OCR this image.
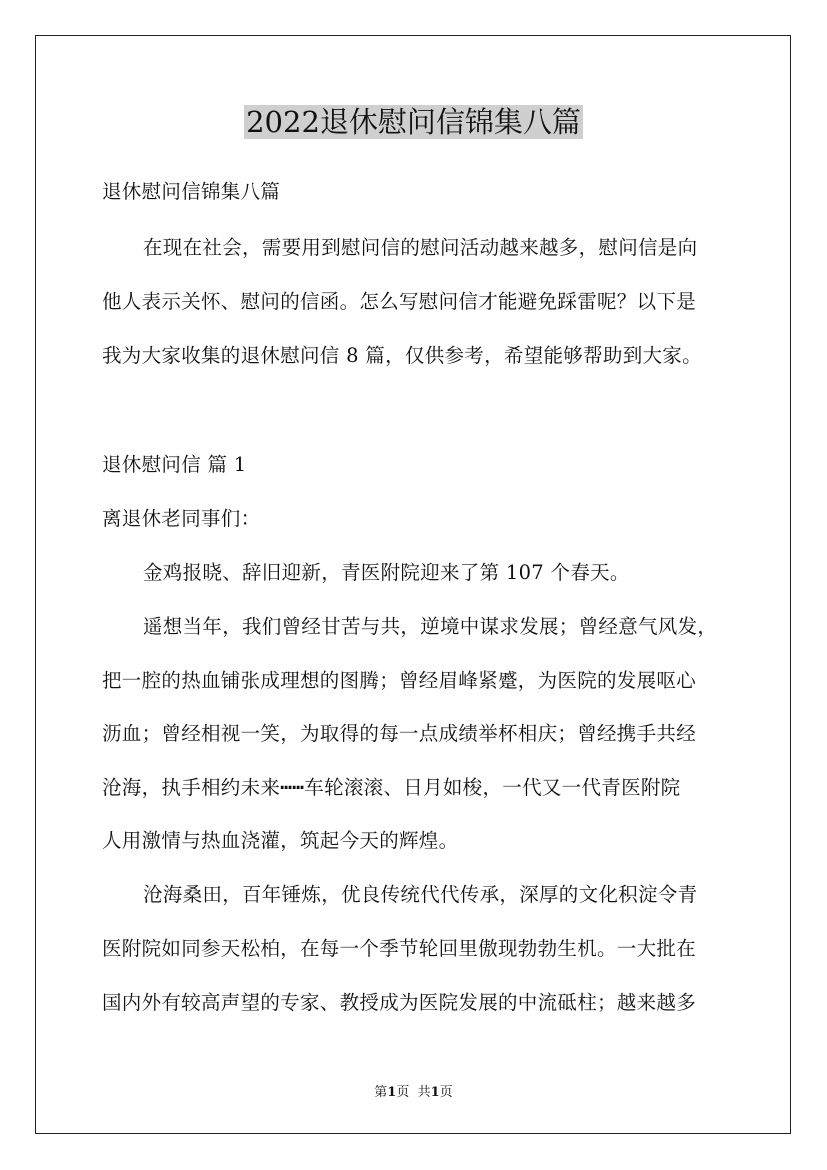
2022退休慰问信锦集八篇
退休慰问信锦集八篇
在现在社会，需要用到慰问信的慰问活动越来越多，慰问信是向
他人表示关怀、慰问的信函。怎么写慰问信才能避免踩雷呢？以下是
我为大家收集的退休慰问信 8 篇，仅供参考，希望能够帮助到大家。
退休慰问信 篇 1
离退休老同事们：
金鸡报晓、辞旧迎新，青医附院迎来了第 107 个春天。
遥想当年，我们曾经甘苦与共，逆境中谋求发展；曾经意气风发，
把一腔的热血铺张成理想的图腾；曾经眉峰紧蹙，为医院的发展呕心
沥血；曾经相视一笑，为取得的每一点成绩举杯相庆；曾经携手共经
沧海，执手相约未来┅┅车轮滚滚、日月如梭，一代又一代青医附院
人用激情与热血浇灌，筑起今天的辉煌。
沧海桑田，百年锤炼，优良传统代代传承，深厚的文化积淀令青
医附院如同参天松柏，在每一个季节轮回里傲现勃勃生机。一大批在
国内外有较高声望的专家、教授成为医院发展的中流砥柱；越来越多
第1页 共1页
